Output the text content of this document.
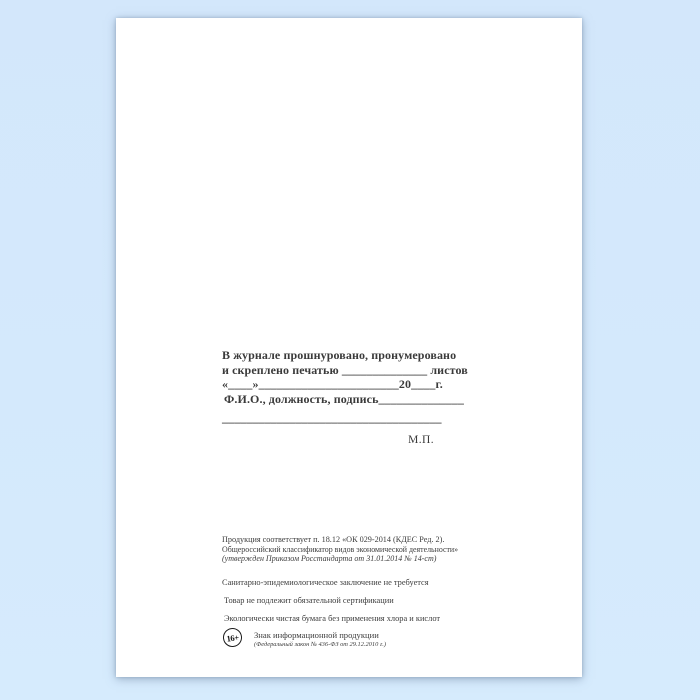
В журнале прошнуровано, пронумеровано
и скреплено печатью ______________ листов
«____»_______________________20____г.
Ф.И.О., должность, подпись______________
____________________________________
М.П.
Продукция соответствует п. 18.12 «ОК 029-2014 (КДЕС Ред. 2).
Общероссийский классификатор видов экономической деятельности»
(утвержден Приказом Росстандарта от 31.01.2014 № 14-ст)
Санитарно-эпидемиологическое заключение не требуется
Товар не подлежит обязательной сертификации
Экологически чистая бумага без применения хлора и кислот
16+	Знак информационной продукции
(Федеральный закон № 436-ФЗ от 29.12.2010 г.)
